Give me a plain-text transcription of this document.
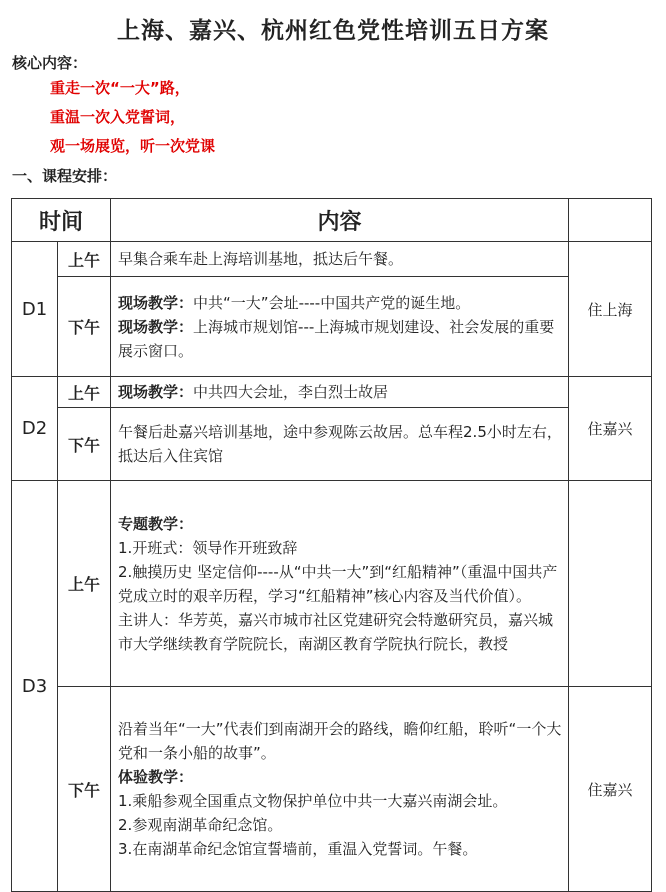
上海、嘉兴、杭州红色党性培训五日方案
核心内容：
重走一次“一大”路，
重温一次入党誓词，
观一场展览，听一次党课
一、课程安排：
时间		内容	
D1	上午	早集合乘车赴上海培训基地，抵达后午餐。	住上海
	下午	现场教学：中共“一大”会址----中国共产党的诞生地。

现场教学：上海城市规划馆---上海城市规划建设、社会发展的重要展示窗口。	

D2	上午	现场教学：中共四大会址，李白烈士故居	住嘉兴
	下午	午餐后赴嘉兴培训基地，途中参观陈云故居。总车程2.5小时左右，抵达后入住宾馆	
D3	上午	专题教学：

1.开班式：领导作开班致辞

2.触摸历史 坚定信仰----从“中共一大”到“红船精神”（重温中国共产党成立时的艰辛历程，学习“红船精神”核心内容及当代价值）。

主讲人：华芳英，嘉兴市城市社区党建研究会特邀研究员，嘉兴城市大学继续教育学院院长，南湖区教育学院执行院长，教授	

	下午	沿着当年“一大”代表们到南湖开会的路线，瞻仰红船，聆听“一个大党和一条小船的故事”。

体验教学：

1.乘船参观全国重点文物保护单位中共一大嘉兴南湖会址。

2.参观南湖革命纪念馆。

3.在南湖革命纪念馆宣誓墙前，重温入党誓词。午餐。	住嘉兴
